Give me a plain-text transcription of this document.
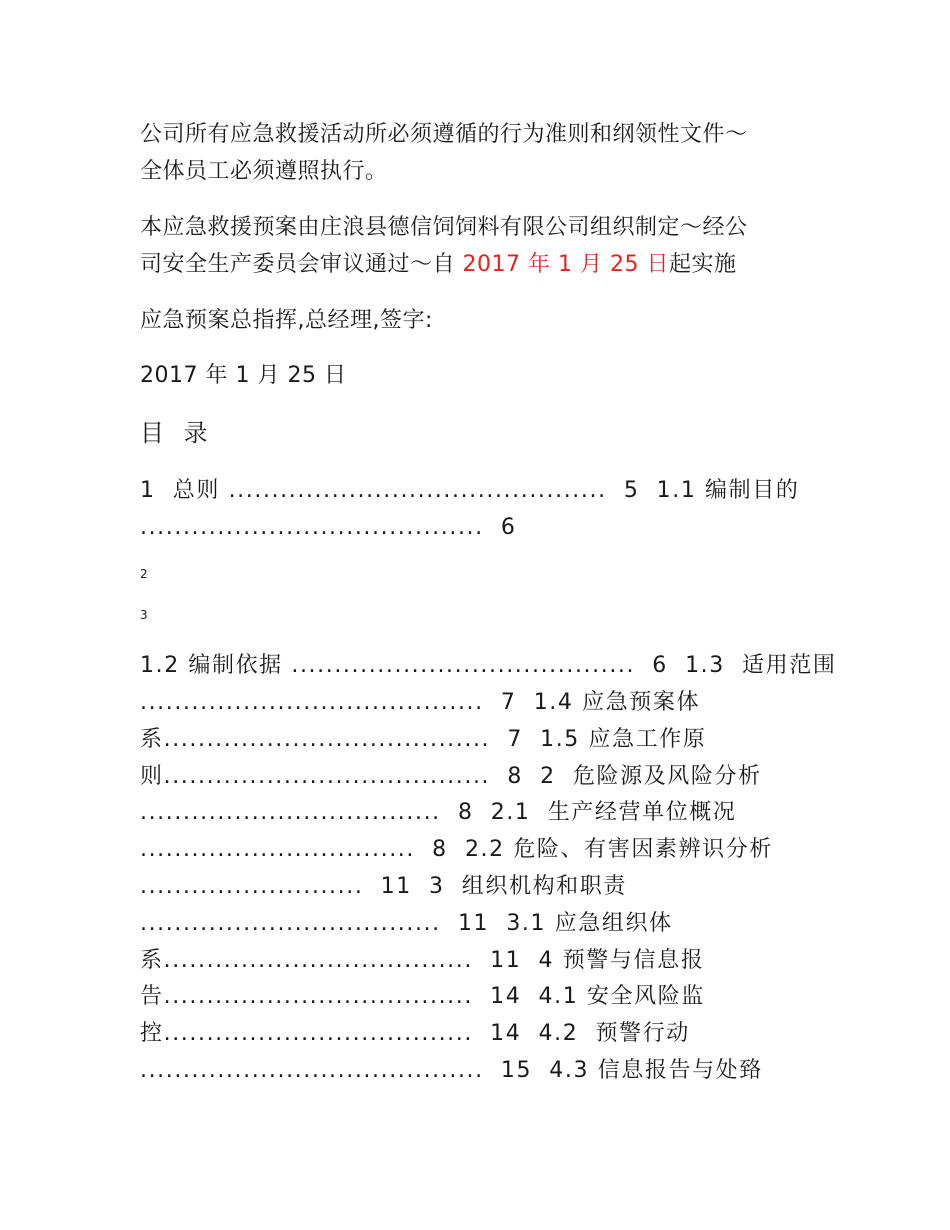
公司所有应急救援活动所必须遵循的行为准则和纲领性文件～
全体员工必须遵照执行。
本应急救援预案由庄浪县德信饲饲料有限公司组织制定～经公
司安全生产委员会审议通过～自 2017 年 1 月 25 日起实施
应急预案总指挥,总经理,签字:
2017 年 1 月 25 日
目 录
1  总则 ............................................  5  1.1 编制目的
........................................  6
2
3
1.2 编制依据 ........................................  6  1.3  适用范围
........................................  7  1.4 应急预案体
系......................................  7  1.5 应急工作原
则......................................  8  2  危险源及风险分析
...................................  8  2.1  生产经营单位概况
................................  8  2.2 危险、有害因素辨识分析
..........................  11  3  组织机构和职责
...................................  11  3.1 应急组织体
系....................................  11  4 预警与信息报
告....................................  14  4.1 安全风险监
控....................................  14  4.2  预警行动
........................................  15  4.3 信息报告与处臵
